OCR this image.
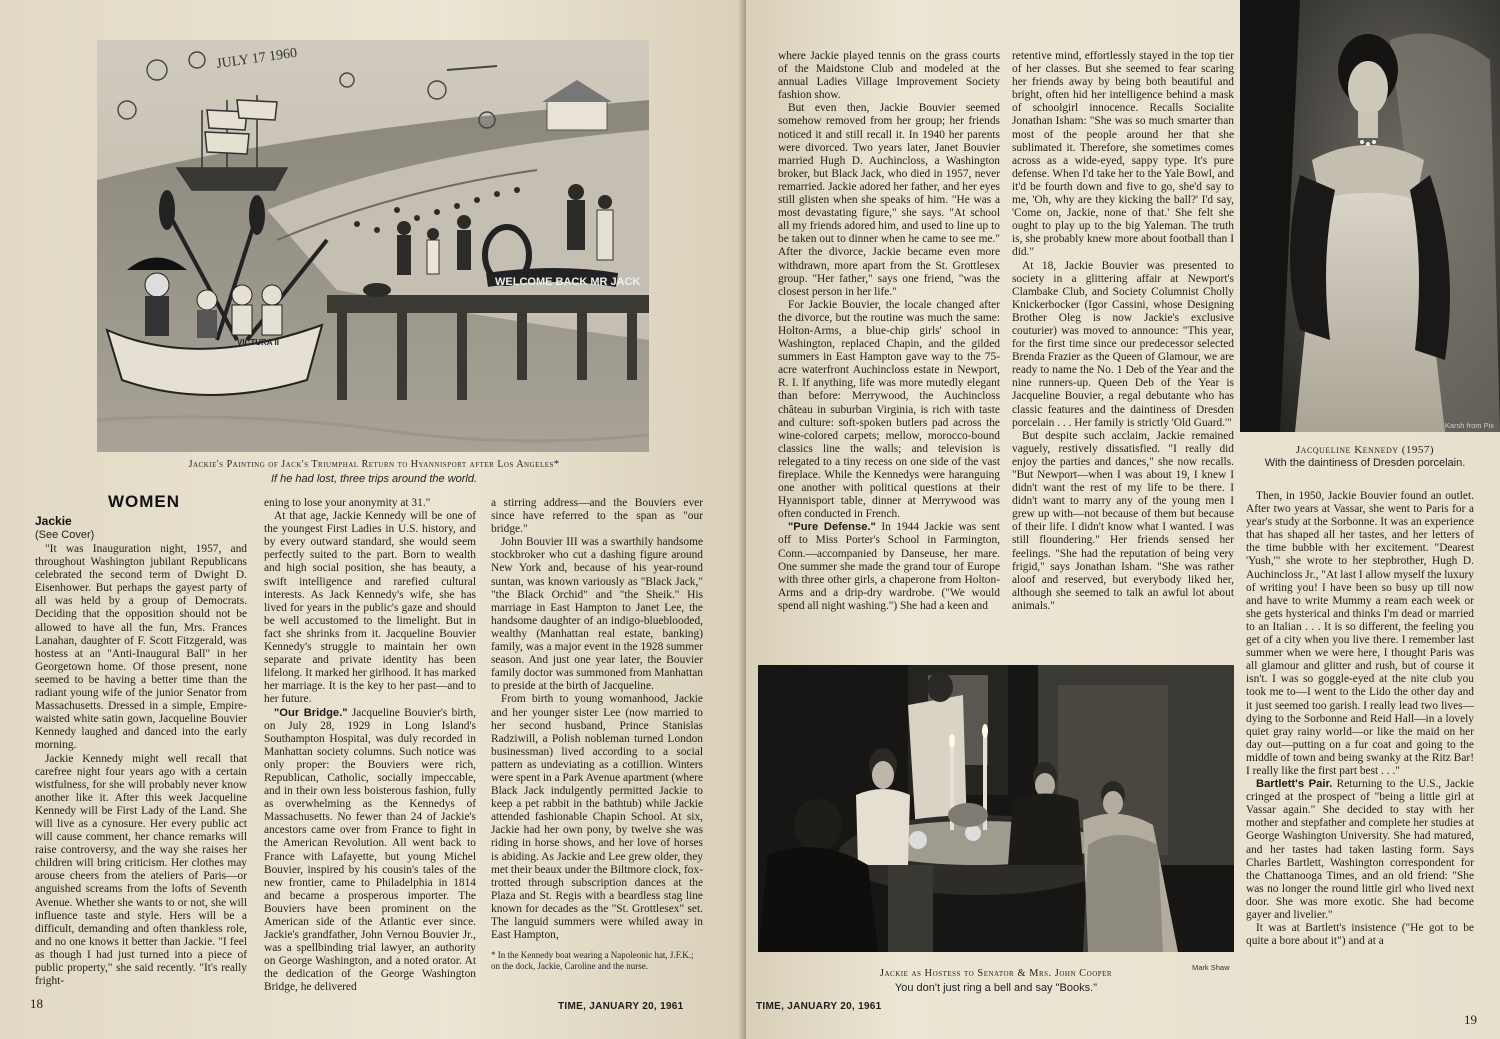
JULY 17 1960
WELCOME BACK MR JACK
VICTURA II
Jackie's Painting of Jack's Triumphal Return to Hyannisport after Los Angeles*
If he had lost, three trips around the world.
WOMEN
Jackie
(See Cover)

"It was Inauguration night, 1957, and throughout Washington jubilant Republicans celebrated the second term of Dwight D. Eisenhower. But perhaps the gayest party of all was held by a group of Democrats. Deciding that the opposition should not be allowed to have all the fun, Mrs. Frances Lanahan, daughter of F. Scott Fitzgerald, was hostess at an "Anti-Inaugural Ball" in her Georgetown home. Of those present, none seemed to be having a better time than the radiant young wife of the junior Senator from Massachusetts. Dressed in a simple, Empire-waisted white satin gown, Jacqueline Bouvier Kennedy laughed and danced into the early morning.

Jackie Kennedy might well recall that carefree night four years ago with a certain wistfulness, for she will probably never know another like it. After this week Jacqueline Kennedy will be First Lady of the Land. She will live as a cynosure. Her every public act will cause comment, her chance remarks will raise controversy, and the way she raises her children will bring criticism. Her clothes may arouse cheers from the ateliers of Paris—or anguished screams from the lofts of Seventh Avenue. Whether she wants to or not, she will influence taste and style. Hers will be a difficult, demanding and often thankless role, and no one knows it better than Jackie. "I feel as though I had just turned into a piece of public property," she said recently. "It's really fright-

ening to lose your anonymity at 31."

At that age, Jackie Kennedy will be one of the youngest First Ladies in U.S. history, and by every outward standard, she would seem perfectly suited to the part. Born to wealth and high social position, she has beauty, a swift intelligence and rarefied cultural interests. As Jack Kennedy's wife, she has lived for years in the public's gaze and should be well accustomed to the limelight. But in fact she shrinks from it. Jacqueline Bouvier Kennedy's struggle to maintain her own separate and private identity has been lifelong. It marked her girlhood. It has marked her marriage. It is the key to her past—and to her future.

"Our Bridge." Jacqueline Bouvier's birth, on July 28, 1929 in Long Island's Southampton Hospital, was duly recorded in Manhattan society columns. Such notice was only proper: the Bouviers were rich, Republican, Catholic, socially impeccable, and in their own less boisterous fashion, fully as overwhelming as the Kennedys of Massachusetts. No fewer than 24 of Jackie's ancestors came over from France to fight in the American Revolution. All went back to France with Lafayette, but young Michel Bouvier, inspired by his cousin's tales of the new frontier, came to Philadelphia in 1814 and became a prosperous importer. The Bouviers have been prominent on the American side of the Atlantic ever since. Jackie's grandfather, John Vernou Bouvier Jr., was a spellbinding trial lawyer, an authority on George Washington, and a noted orator. At the dedication of the George Washington Bridge, he delivered

a stirring address—and the Bouviers ever since have referred to the span as "our bridge."

John Bouvier III was a swarthily handsome stockbroker who cut a dashing figure around New York and, because of his year-round suntan, was known variously as "Black Jack," "the Black Orchid" and "the Sheik." His marriage in East Hampton to Janet Lee, the handsome daughter of an indigo-blueblooded, wealthy (Manhattan real estate, banking) family, was a major event in the 1928 summer season. And just one year later, the Bouvier family doctor was summoned from Manhattan to preside at the birth of Jacqueline.

From birth to young womanhood, Jackie and her younger sister Lee (now married to her second husband, Prince Stanislas Radziwill, a Polish nobleman turned London businessman) lived according to a social pattern as undeviating as a cotillion. Winters were spent in a Park Avenue apartment (where Black Jack indulgently permitted Jackie to keep a pet rabbit in the bathtub) while Jackie attended fashionable Chapin School. At six, Jackie had her own pony, by twelve she was riding in horse shows, and her love of horses is abiding. As Jackie and Lee grew older, they met their beaux under the Biltmore clock, fox-trotted through subscription dances at the Plaza and St. Regis with a beardless stag line known for decades as the "St. Grottlesex" set. The languid summers were whiled away in East Hampton,

* In the Kennedy boat wearing a Napoleonic hat, J.F.K.; on the dock, Jackie, Caroline and the nurse.
18	TIME, JANUARY 20, 1961

where Jackie played tennis on the grass courts of the Maidstone Club and modeled at the annual Ladies Village Improvement Society fashion show.

But even then, Jackie Bouvier seemed somehow removed from her group; her friends noticed it and still recall it. In 1940 her parents were divorced. Two years later, Janet Bouvier married Hugh D. Auchincloss, a Washington broker, but Black Jack, who died in 1957, never remarried. Jackie adored her father, and her eyes still glisten when she speaks of him. "He was a most devastating figure," she says. "At school all my friends adored him, and used to line up to be taken out to dinner when he came to see me." After the divorce, Jackie became even more withdrawn, more apart from the St. Grottlesex group. "Her father," says one friend, "was the closest person in her life."

For Jackie Bouvier, the locale changed after the divorce, but the routine was much the same: Holton-Arms, a blue-chip girls' school in Washington, replaced Chapin, and the gilded summers in East Hampton gave way to the 75-acre waterfront Auchincloss estate in Newport, R. I. If anything, life was more mutedly elegant than before: Merrywood, the Auchincloss château in suburban Virginia, is rich with taste and culture: soft-spoken butlers pad across the wine-colored carpets; mellow, morocco-bound classics line the walls; and television is relegated to a tiny recess on one side of the vast fireplace. While the Kennedys were haranguing one another with political questions at their Hyannisport table, dinner at Merrywood was often conducted in French.

"Pure Defense." In 1944 Jackie was sent off to Miss Porter's School in Farmington, Conn.—accompanied by Danseuse, her mare. One summer she made the grand tour of Europe with three other girls, a chaperone from Holton-Arms and a drip-dry wardrobe. ("We would spend all night washing.") She had a keen and

retentive mind, effortlessly stayed in the top tier of her classes. But she seemed to fear scaring her friends away by being both beautiful and bright, often hid her intelligence behind a mask of schoolgirl innocence. Recalls Socialite Jonathan Isham: "She was so much smarter than most of the people around her that she sublimated it. Therefore, she sometimes comes across as a wide-eyed, sappy type. It's pure defense. When I'd take her to the Yale Bowl, and it'd be fourth down and five to go, she'd say to me, 'Oh, why are they kicking the ball?' I'd say, 'Come on, Jackie, none of that.' She felt she ought to play up to the big Yaleman. The truth is, she probably knew more about football than I did."

At 18, Jackie Bouvier was presented to society in a glittering affair at Newport's Clambake Club, and Society Columnist Cholly Knickerbocker (Igor Cassini, whose Designing Brother Oleg is now Jackie's exclusive couturier) was moved to announce: "This year, for the first time since our predecessor selected Brenda Frazier as the Queen of Glamour, we are ready to name the No. 1 Deb of the Year and the nine runners-up. Queen Deb of the Year is Jacqueline Bouvier, a regal debutante who has classic features and the daintiness of Dresden porcelain . . . Her family is strictly 'Old Guard.'"

But despite such acclaim, Jackie remained vaguely, restively dissatisfied. "I really did enjoy the parties and dances," she now recalls. "But Newport—when I was about 19, I knew I didn't want the rest of my life to be there. I didn't want to marry any of the young men I grew up with—not because of them but because of their life. I didn't know what I wanted. I was still floundering." Her friends sensed her feelings. "She had the reputation of being very frigid," says Jonathan Isham. "She was rather aloof and reserved, but everybody liked her, although she seemed to talk an awful lot about animals."

Karsh from Pix
Jacqueline Kennedy (1957)
With the daintiness of Dresden porcelain.

Then, in 1950, Jackie Bouvier found an outlet. After two years at Vassar, she went to Paris for a year's study at the Sorbonne. It was an experience that has shaped all her tastes, and her letters of the time bubble with her excitement. "Dearest 'Yush,'" she wrote to her stepbrother, Hugh D. Auchincloss Jr., "At last I allow myself the luxury of writing you! I have been so busy up till now and have to write Mummy a ream each week or she gets hysterical and thinks I'm dead or married to an Italian . . . It is so different, the feeling you get of a city when you live there. I remember last summer when we were here, I thought Paris was all glamour and glitter and rush, but of course it isn't. I was so goggle-eyed at the nite club you took me to—I went to the Lido the other day and it just seemed too garish. I really lead two lives—dying to the Sorbonne and Reid Hall—in a lovely quiet gray rainy world—or like the maid on her day out—putting on a fur coat and going to the middle of town and being swanky at the Ritz Bar! I really like the first part best . . ."

Bartlett's Pair. Returning to the U.S., Jackie cringed at the prospect of "being a little girl at Vassar again." She decided to stay with her mother and stepfather and complete her studies at George Washington University. She had matured, and her tastes had taken lasting form. Says Charles Bartlett, Washington correspondent for the Chattanooga Times, and an old friend: "She was no longer the round little girl who lived next door. She was more exotic. She had become gayer and livelier."

It was at Bartlett's insistence ("He got to be quite a bore about it") and at a

Mark Shaw
Jackie as Hostess to Senator & Mrs. John Cooper
You don't just ring a bell and say "Books."
TIME, JANUARY 20, 1961
19
